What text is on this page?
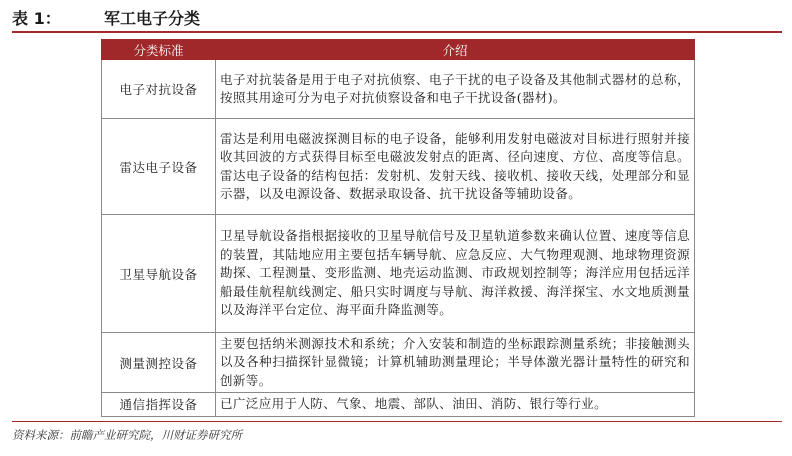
表 1：	军工电子分类
分类标准	介绍
电子对抗设备	电子对抗装备是用于电子对抗侦察、电子干扰的电子设备及其他制式器材的总称，按照其用途可分为电子对抗侦察设备和电子干扰设备(器材)。
雷达电子设备	雷达是利用电磁波探测目标的电子设备，能够利用发射电磁波对目标进行照射并接收其回波的方式获得目标至电磁波发射点的距离、径向速度、方位、高度等信息。雷达电子设备的结构包括：发射机、发射天线、接收机、接收天线，处理部分和显示器，以及电源设备、数据录取设备、抗干扰设备等辅助设备。
卫星导航设备	卫星导航设备指根据接收的卫星导航信号及卫星轨道参数来确认位置、速度等信息的装置，其陆地应用主要包括车辆导航、应急反应、大气物理观测、地球物理资源勘探、工程测量、变形监测、地壳运动监测、市政规划控制等；海洋应用包括远洋船最佳航程航线测定、船只实时调度与导航、海洋救援、海洋探宝、水文地质测量以及海洋平台定位、海平面升降监测等。
测量测控设备	主要包括纳米测源技术和系统；介入安装和制造的坐标跟踪测量系统；非接触测头以及各种扫描探针显微镜；计算机辅助测量理论；半导体激光器计量特性的研究和创新等。
通信指挥设备	已广泛应用于人防、气象、地震、部队、油田、消防、银行等行业。
资料来源：前瞻产业研究院，川财证券研究所
